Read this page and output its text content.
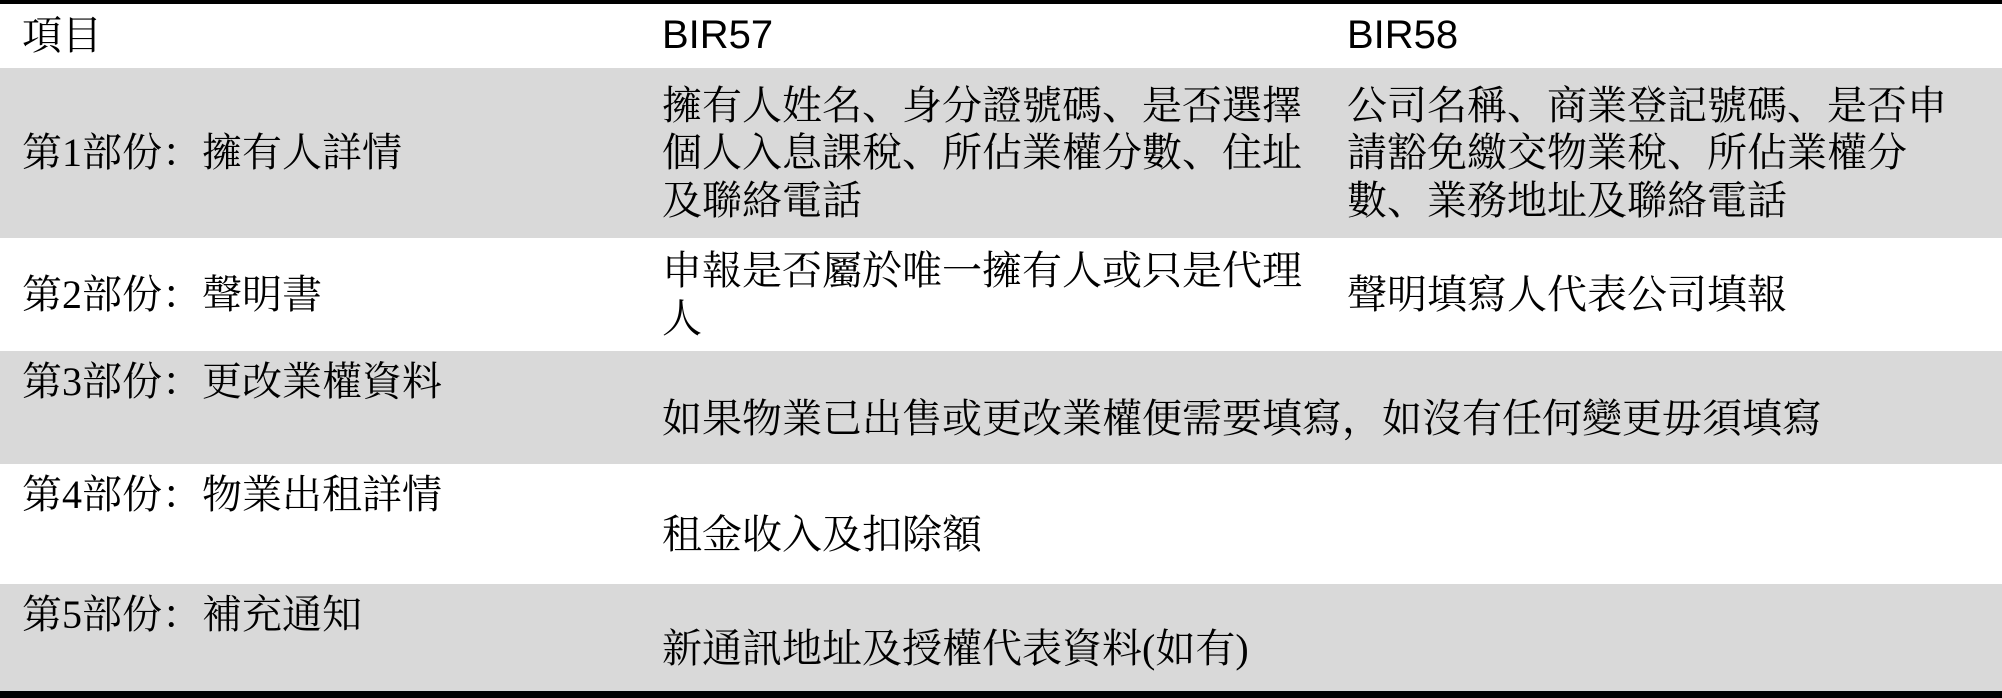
項目	BIR57	BIR58
第1部份：擁有人詳情	擁有人姓名、身分證號碼、是否選擇個人入息課稅、所佔業權分數、住址及聯絡電話	公司名稱、商業登記號碼、是否申請豁免繳交物業稅、所佔業權分數、業務地址及聯絡電話
第2部份：聲明書	申報是否屬於唯一擁有人或只是代理人	聲明填寫人代表公司填報
第3部份：更改業權資料	如果物業已出售或更改業權便需要填寫，如沒有任何變更毋須填寫	
第4部份：物業出租詳情	租金收入及扣除額	
第5部份：補充通知	新通訊地址及授權代表資料(如有)	
